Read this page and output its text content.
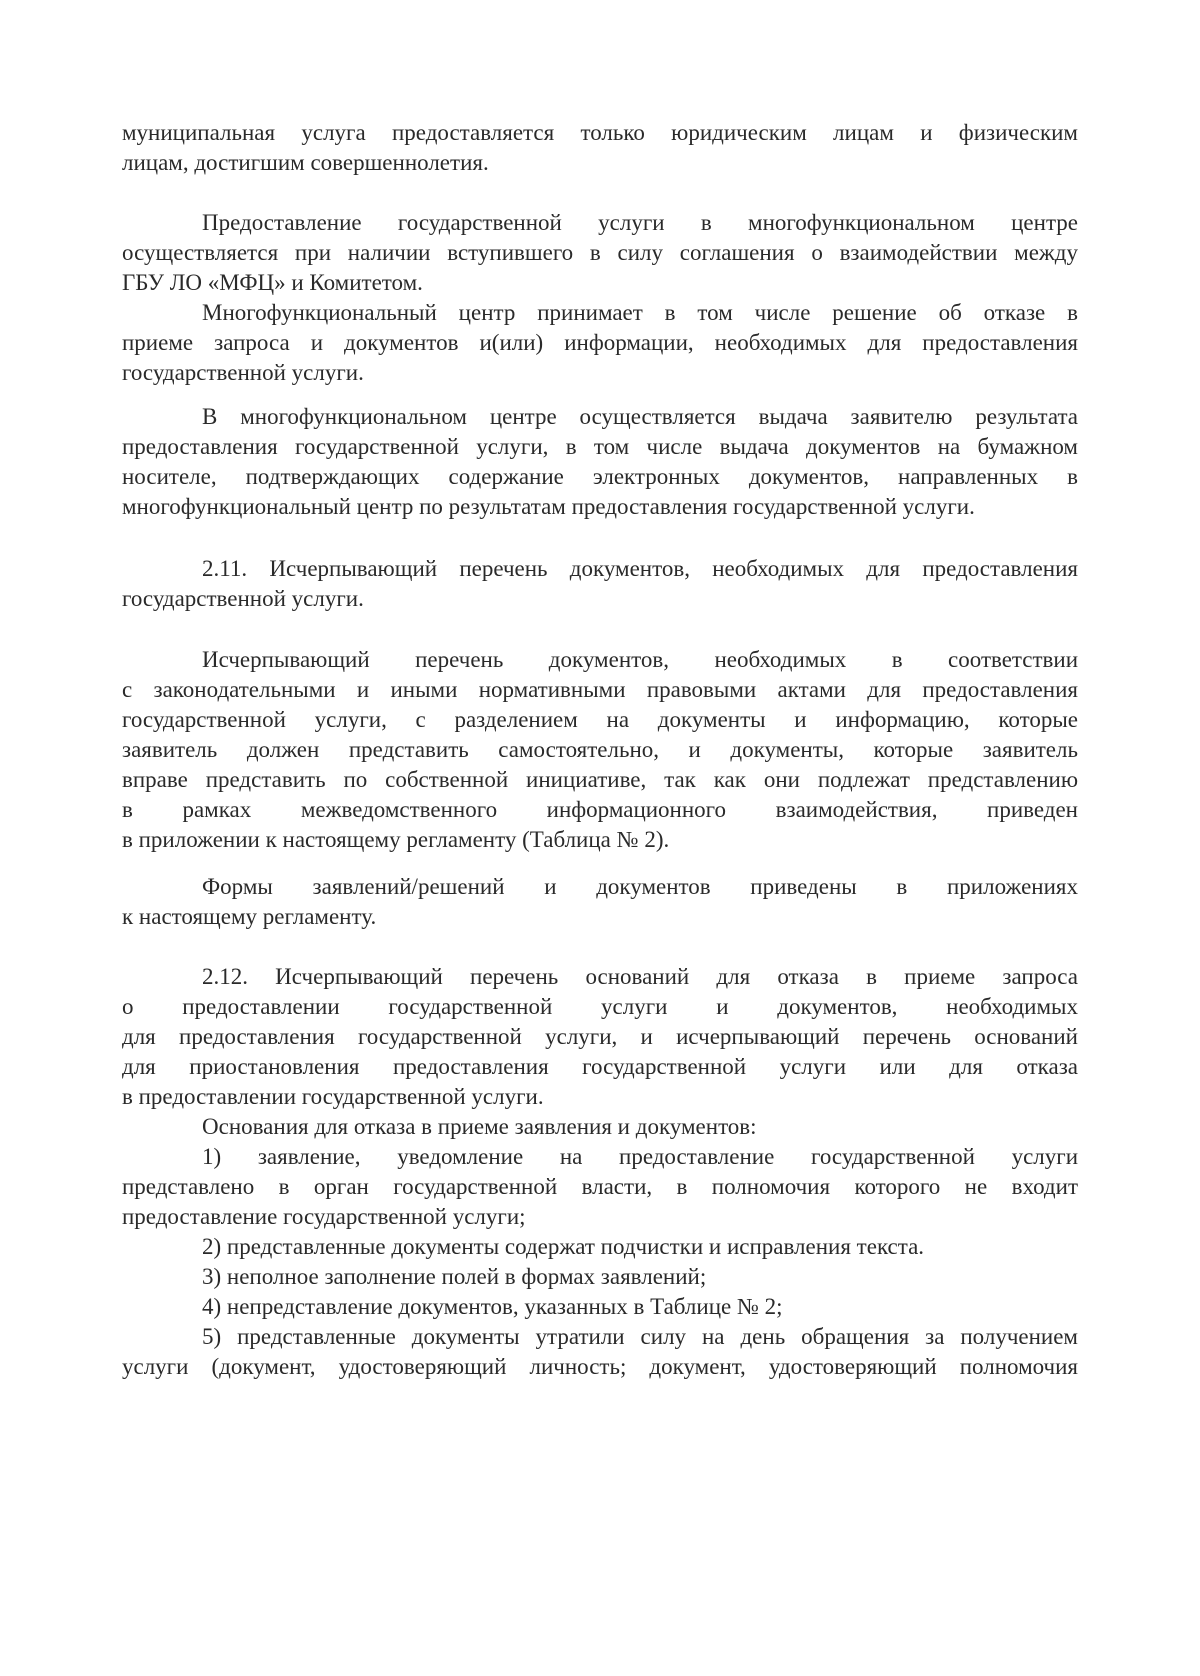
муниципальная услуга предоставляется только юридическим лицам и физическим
лицам, достигшим совершеннолетия.
Предоставление государственной услуги в многофункциональном центре
осуществляется при наличии вступившего в силу соглашения о взаимодействии между
ГБУ ЛО «МФЦ» и Комитетом.
Многофункциональный центр принимает в том числе решение об отказе в
приеме запроса и документов и(или) информации, необходимых для предоставления
государственной услуги.
В многофункциональном центре осуществляется выдача заявителю результата
предоставления государственной услуги, в том числе выдача документов на бумажном
носителе, подтверждающих содержание электронных документов, направленных в
многофункциональный центр по результатам предоставления государственной услуги.
2.11. Исчерпывающий перечень документов, необходимых для предоставления
государственной услуги.
Исчерпывающий перечень документов, необходимых в соответствии
с законодательными и иными нормативными правовыми актами для предоставления
государственной услуги, с разделением на документы и информацию, которые
заявитель должен представить самостоятельно, и документы, которые заявитель
вправе представить по собственной инициативе, так как они подлежат представлению
в рамках межведомственного информационного взаимодействия, приведен
в приложении к настоящему регламенту (Таблица № 2).
Формы заявлений/решений и документов приведены в приложениях
к настоящему регламенту.
2.12. Исчерпывающий перечень оснований для отказа в приеме запроса
о предоставлении государственной услуги и документов, необходимых
для предоставления государственной услуги, и исчерпывающий перечень оснований
для приостановления предоставления государственной услуги или для отказа
в предоставлении государственной услуги.
Основания для отказа в приеме заявления и документов:
1) заявление, уведомление на предоставление государственной услуги
представлено в орган государственной власти, в полномочия которого не входит
предоставление государственной услуги;
2) представленные документы содержат подчистки и исправления текста.
3) неполное заполнение полей в формах заявлений;
4) непредставление документов, указанных в Таблице № 2;
5) представленные документы утратили силу на день обращения за получением
услуги (документ, удостоверяющий личность; документ, удостоверяющий полномочия
